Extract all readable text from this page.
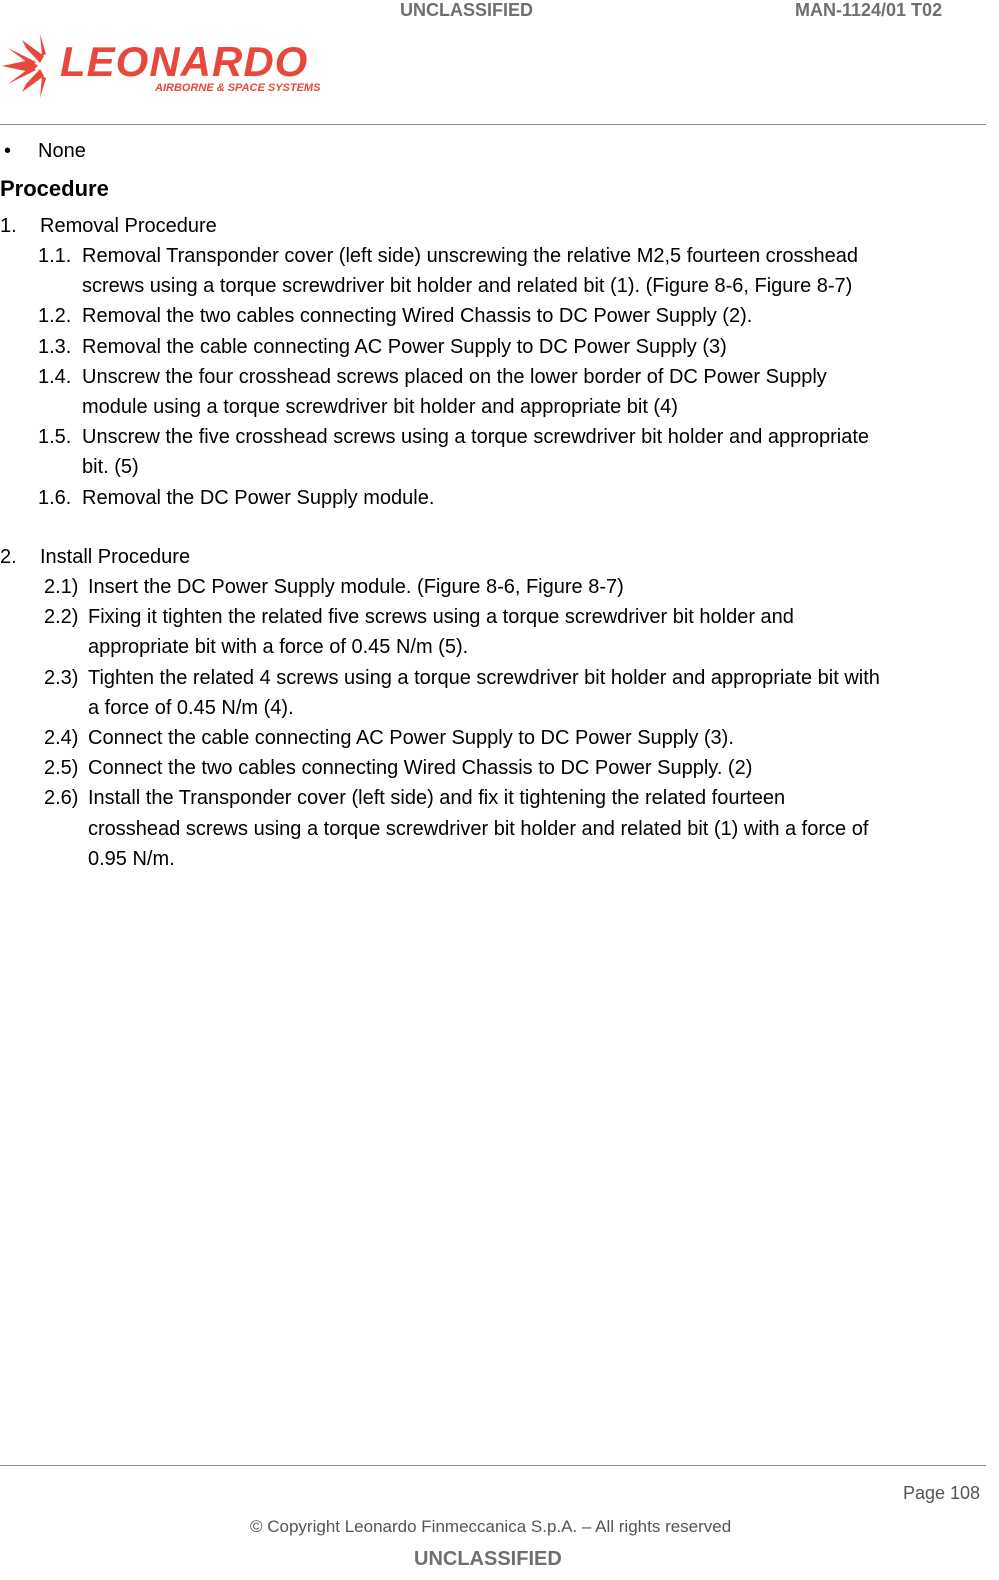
UNCLASSIFIED	MAN-1124/01 T02
LEONARDO
AIRBORNE & SPACE SYSTEMS
• None
Procedure
1. Removal Procedure
1.1. Removal Transponder cover (left side) unscrewing the relative M2,5 fourteen crosshead
screws using a torque screwdriver bit holder and related bit (1). (Figure 8-6, Figure 8-7)
1.2. Removal the two cables connecting Wired Chassis to DC Power Supply (2).
1.3. Removal the cable connecting AC Power Supply to DC Power Supply (3)
1.4. Unscrew the four crosshead screws placed on the lower border of DC Power Supply
module using a torque screwdriver bit holder and appropriate bit (4)
1.5. Unscrew the five crosshead screws using a torque screwdriver bit holder and appropriate
bit. (5)
1.6. Removal the DC Power Supply module.
2. Install Procedure
2.1) Insert the DC Power Supply module. (Figure 8-6, Figure 8-7)
2.2) Fixing it tighten the related five screws using a torque screwdriver bit holder and
appropriate bit with a force of 0.45 N/m (5).
2.3) Tighten the related 4 screws using a torque screwdriver bit holder and appropriate bit with
a force of 0.45 N/m (4).
2.4) Connect the cable connecting AC Power Supply to DC Power Supply (3).
2.5) Connect the two cables connecting Wired Chassis to DC Power Supply. (2)
2.6) Install the Transponder cover (left side) and fix it tightening the related fourteen
crosshead screws using a torque screwdriver bit holder and related bit (1) with a force of
0.95 N/m.
Page 108
© Copyright Leonardo Finmeccanica S.p.A. – All rights reserved
UNCLASSIFIED
